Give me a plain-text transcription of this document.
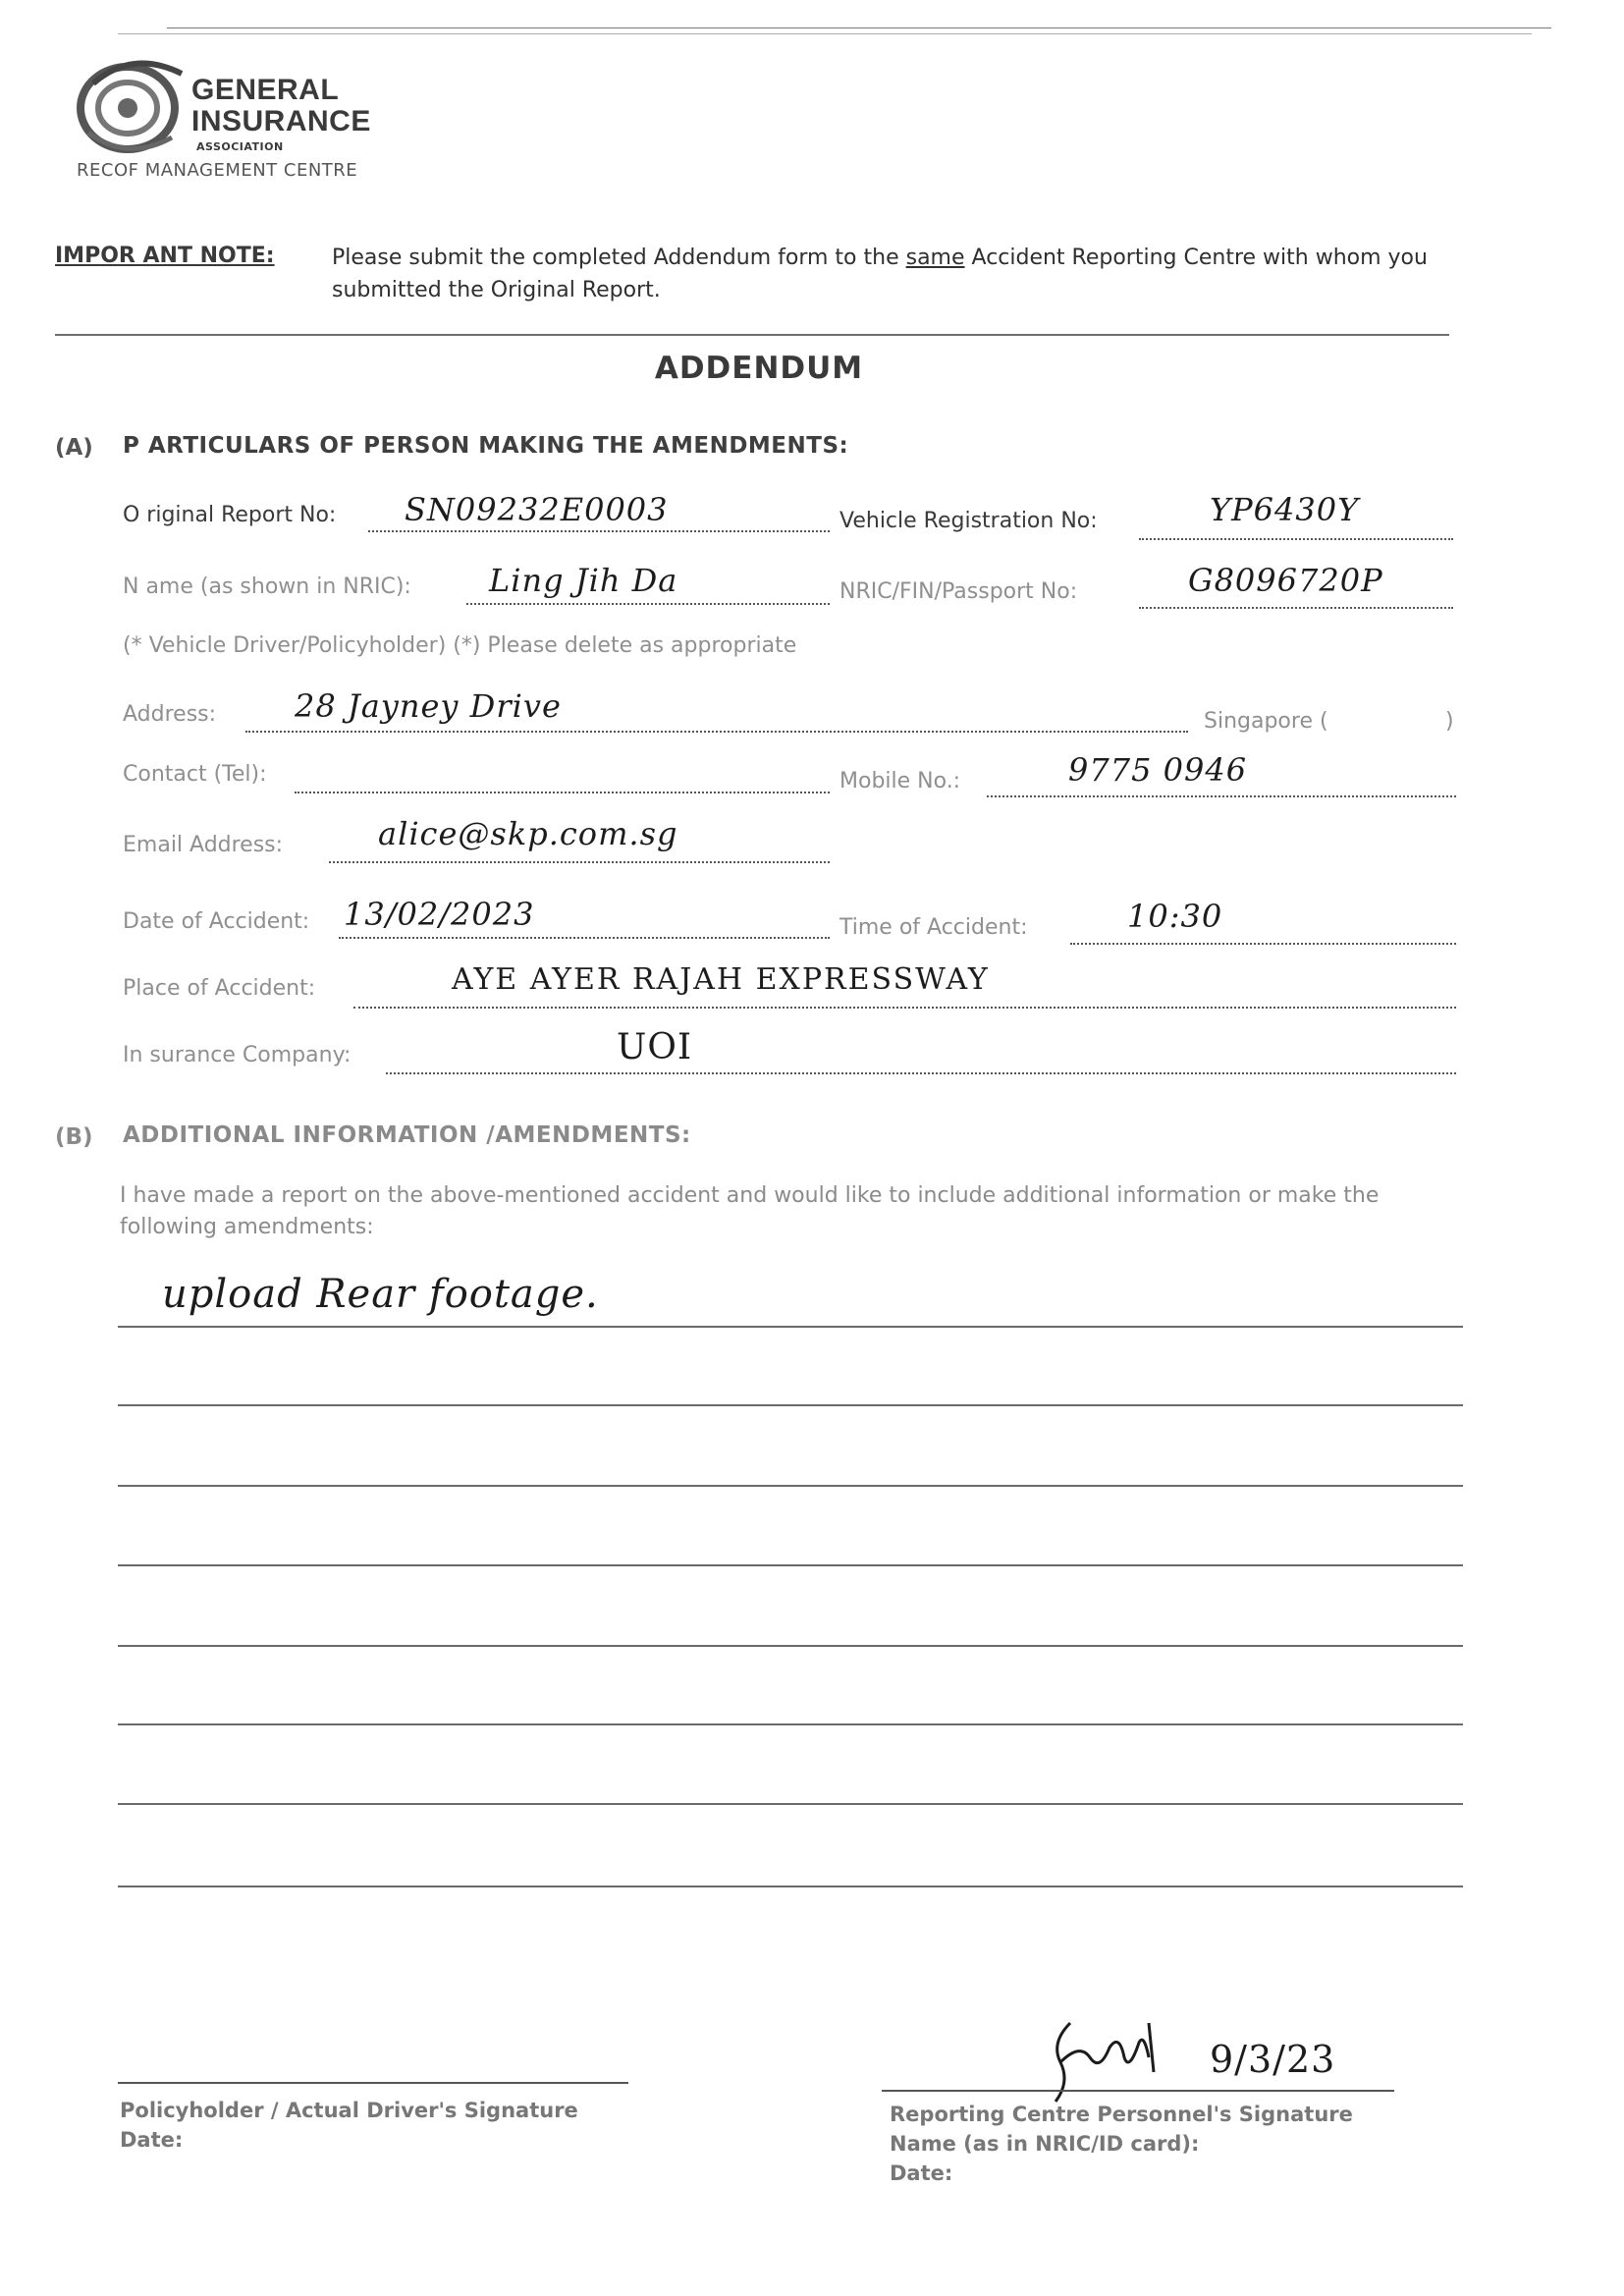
GENERAL
INSURANCE
ASSOCIATION
RECOF MANAGEMENT CENTRE
IMPOR ANT NOTE:	Please submit the completed Addendum form to the same Accident Reporting Centre with whom you submitted the Original Report.
ADDENDUM
(A) P ARTICULARS OF PERSON MAKING THE AMENDMENTS:
O riginal Report No: SN09232E0003	Vehicle Registration No:	YP6430Y
N ame (as shown in NRIC): Ling Jih Da	NRIC/FIN/Passport No:	G8096720P
(* Vehicle Driver/Policyholder) (*) Please delete as appropriate
Address: 28 Jayney Drive	Singapore (	)
Contact (Tel):	Mobile No.:	9775 0946
Email Address:	alice@skp.com.sg
Date of Accident: 13/02/2023	Time of Accident:	10:30
Place of Accident:	AYE AYER RAJAH EXPRESSWAY
In surance Company:	UOI
(B) ADDITIONAL INFORMATION /AMENDMENTS:
I have made a report on the above-mentioned accident and would like to include additional information or make the following amendments:
upload Rear footage.
Policyholder / Actual Driver's Signature
Date:
9/3/23
Reporting Centre Personnel's Signature
Name (as in NRIC/ID card):
Date:
